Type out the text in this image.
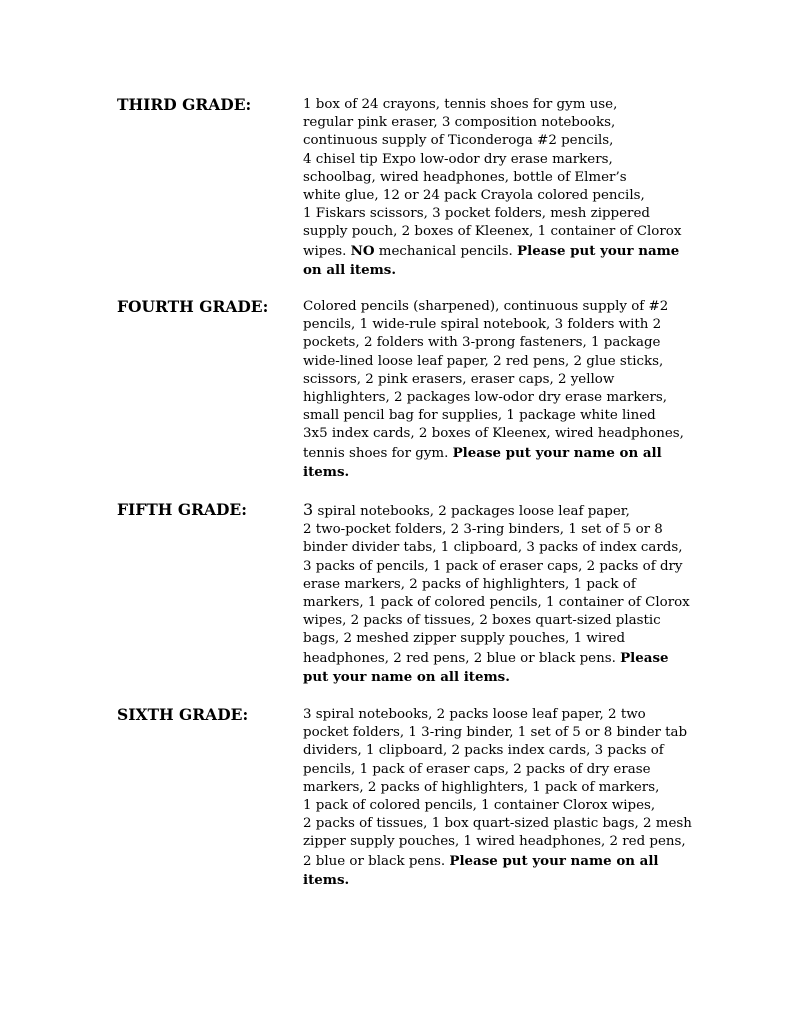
THIRD GRADE:	1 box of 24 crayons, tennis shoes for gym use,
regular pink eraser, 3 composition notebooks,
continuous supply of Ticonderoga #2 pencils,
4 chisel tip Expo low-odor dry erase markers,
schoolbag, wired headphones, bottle of Elmer’s
white glue, 12 or 24 pack Crayola colored pencils,
1 Fiskars scissors, 3 pocket folders, mesh zippered
supply pouch, 2 boxes of Kleenex, 1 container of Clorox
wipes. NO mechanical pencils. Please put your name
on all items.
FOURTH GRADE:	Colored pencils (sharpened), continuous supply of #2
pencils, 1 wide-rule spiral notebook, 3 folders with 2
pockets, 2 folders with 3-prong fasteners, 1 package
wide-lined loose leaf paper, 2 red pens, 2 glue sticks,
scissors, 2 pink erasers, eraser caps, 2 yellow
highlighters, 2 packages low-odor dry erase markers,
small pencil bag for supplies, 1 package white lined
3x5 index cards, 2 boxes of Kleenex, wired headphones,
tennis shoes for gym. Please put your name on all
items.
FIFTH GRADE:	3 spiral notebooks, 2 packages loose leaf paper,
2 two-pocket folders, 2 3-ring binders, 1 set of 5 or 8
binder divider tabs, 1 clipboard, 3 packs of index cards,
3 packs of pencils, 1 pack of eraser caps, 2 packs of dry
erase markers, 2 packs of highlighters, 1 pack of
markers, 1 pack of colored pencils, 1 container of Clorox
wipes, 2 packs of tissues, 2 boxes quart-sized plastic
bags, 2 meshed zipper supply pouches, 1 wired
headphones, 2 red pens, 2 blue or black pens. Please
put your name on all items.
SIXTH GRADE:	3 spiral notebooks, 2 packs loose leaf paper, 2 two
pocket folders, 1 3-ring binder, 1 set of 5 or 8 binder tab
dividers, 1 clipboard, 2 packs index cards, 3 packs of
pencils, 1 pack of eraser caps, 2 packs of dry erase
markers, 2 packs of highlighters, 1 pack of markers,
1 pack of colored pencils, 1 container Clorox wipes,
2 packs of tissues, 1 box quart-sized plastic bags, 2 mesh
zipper supply pouches, 1 wired headphones, 2 red pens,
2 blue or black pens. Please put your name on all
items.
